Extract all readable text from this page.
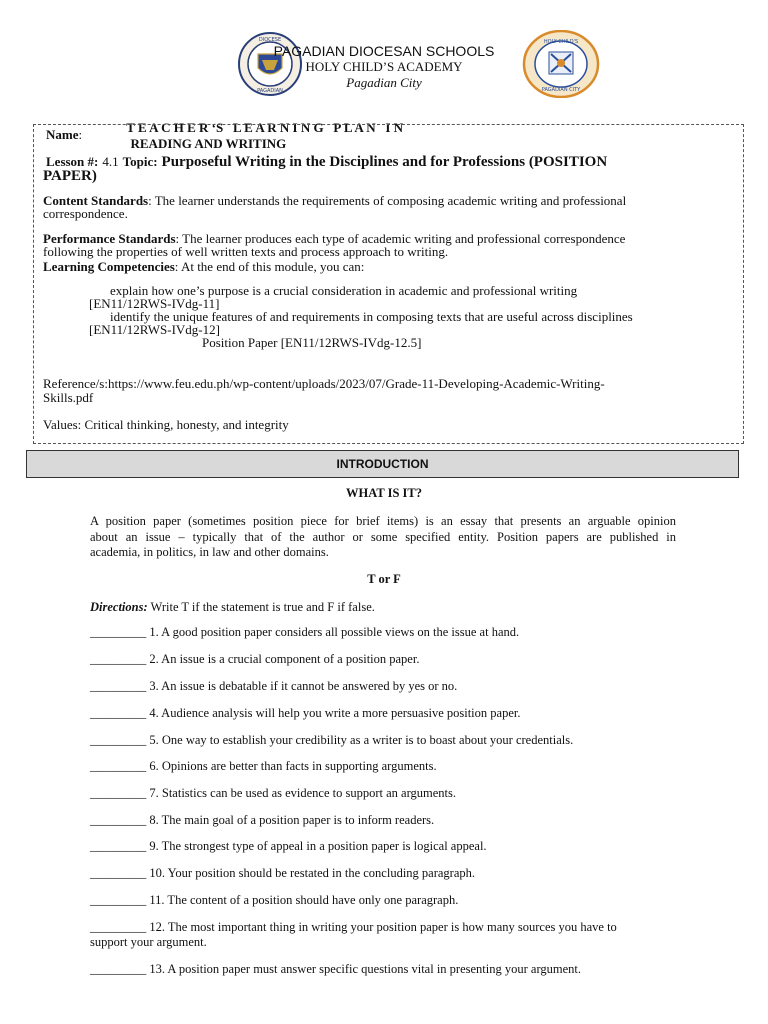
DIOCESE
PAGADIAN
HOLY CHILD'S
PAGADIAN CITY
PAGADIAN DIOCESAN SCHOOLS
HOLY CHILD’S ACADEMY
Pagadian City

T E A C H E R ‘S   L E A R N I N G   P L A N   I N
READING AND WRITING

Name:
Lesson #: 4.1 Topic: Purposeful Writing in the Disciplines and for Professions (POSITION
PAPER)
Content Standards: The learner understands the requirements of composing academic writing and professional
correspondence.
Performance Standards: The learner produces each type of academic writing and professional correspondence
following the properties of well written texts and process approach to writing.
Learning Competencies: At the end of this module, you can:
explain how one’s purpose is a crucial consideration in academic and professional writing
[EN11/12RWS-IVdg-11]
identify the unique features of and requirements in composing texts that are useful across disciplines
[EN11/12RWS-IVdg-12]
Position Paper [EN11/12RWS-IVdg-12.5]
Reference/s:https://www.feu.edu.ph/wp-content/uploads/2023/07/Grade-11-Developing-Academic-Writing-
Skills.pdf
Values: Critical thinking, honesty, and integrity
INTRODUCTION
WHAT IS IT?
A position paper (sometimes position piece for brief items) is an essay that presents an arguable opinion
about an issue – typically that of the author or some specified entity. Position papers are published in
academia, in politics, in law and other domains.
T or F
Directions: Write T if the statement is true and F if false.
_________ 1. A good position paper considers all possible views on the issue at hand.
_________ 2. An issue is a crucial component of a position paper.
_________ 3. An issue is debatable if it cannot be answered by yes or no.
_________ 4. Audience analysis will help you write a more persuasive position paper.
_________ 5. One way to establish your credibility as a writer is to boast about your credentials.
_________ 6. Opinions are better than facts in supporting arguments.
_________ 7. Statistics can be used as evidence to support an arguments.
_________ 8. The main goal of a position paper is to inform readers.
_________ 9. The strongest type of appeal in a position paper is logical appeal.
_________ 10. Your position should be restated in the concluding paragraph.
_________ 11. The content of a position should have only one paragraph.
_________ 12. The most important thing in writing your position paper is how many sources you have to
support your argument.
_________ 13. A position paper must answer specific questions vital in presenting your argument.
